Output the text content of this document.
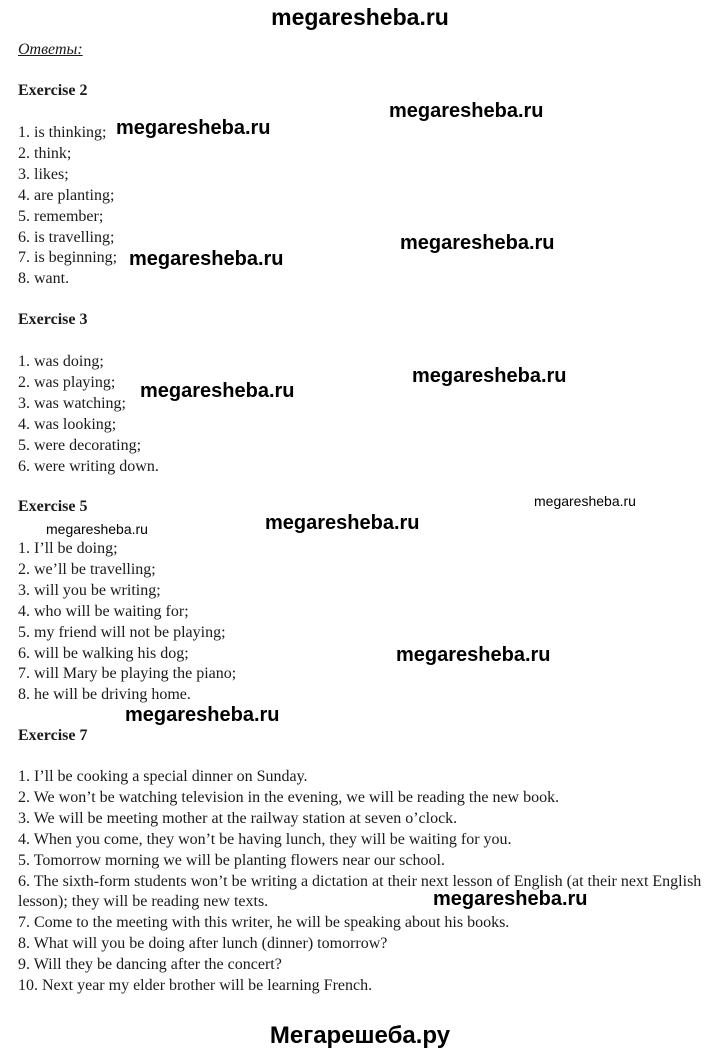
megaresheba.ru
Ответы:
Exercise 2
1. is thinking;
2. think;
3. likes;
4. are planting;
5. remember;
6. is travelling;
7. is beginning;
8. want.
Exercise 3
1. was doing;
2. was playing;
3. was watching;
4. was looking;
5. were decorating;
6. were writing down.
Exercise 5
1. I’ll be doing;
2. we’ll be travelling;
3. will you be writing;
4. who will be waiting for;
5. my friend will not be playing;
6. will be walking his dog;
7. will Mary be playing the piano;
8. he will be driving home.
Exercise 7
1. I’ll be cooking a special dinner on Sunday.
2. We won’t be watching television in the evening, we will be reading the new book.
3. We will be meeting mother at the railway station at seven o’clock.
4. When you come, they won’t be having lunch, they will be waiting for you.
5. Tomorrow morning we will be planting flowers near our school.
6. The sixth-form students won’t be writing a dictation at their next lesson of English (at their next English lesson); they will be reading new texts.
7. Come to the meeting with this writer, he will be speaking about his books.
8. What will you be doing after lunch (dinner) tomorrow?
9. Will they be dancing after the concert?
10. Next year my elder brother will be learning French.
megaresheba.ru
megaresheba.ru
megaresheba.ru
megaresheba.ru
megaresheba.ru
megaresheba.ru
megaresheba.ru
megaresheba.ru	megaresheba.ru
megaresheba.ru
megaresheba.ru
megaresheba.ru
Мегарешеба.ру
